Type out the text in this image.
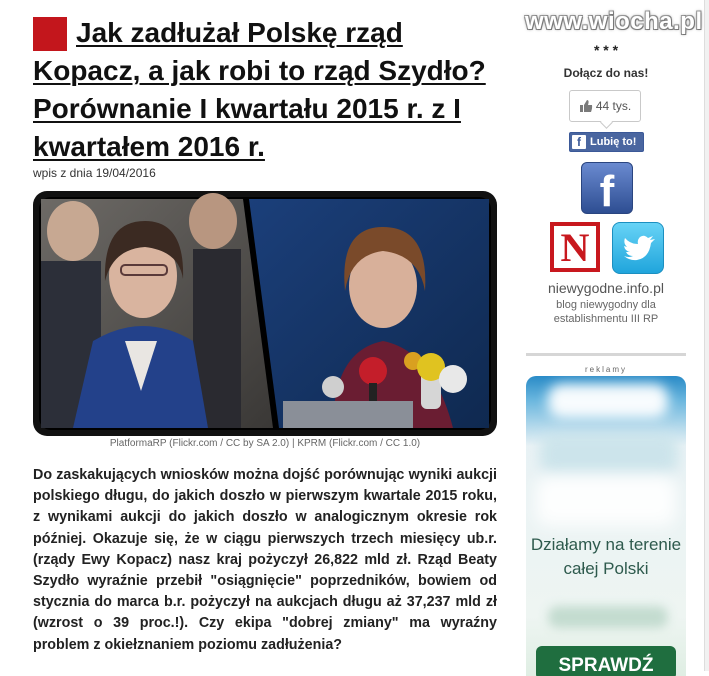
Jak zadłużał Polskę rząd Kopacz, a jak robi to rząd Szydło? Porównanie I kwartału 2015 r. z I kwartałem 2016 r.
wpis z dnia 19/04/2016
PlatformaRP (Flickr.com / CC by SA 2.0) | KPRM (Flickr.com / CC 1.0)

Do zaskakujących wniosków można dojść porównując wyniki aukcji polskiego długu, do jakich doszło w pierwszym kwartale 2015 roku, z wynikami aukcji do jakich doszło w analogicznym okresie rok później. Okazuje się, że w ciągu pierwszych trzech miesięcy ub.r. (rządy Ewy Kopacz) nasz kraj pożyczył 26,822 mld zł. Rząd Beaty Szydło wyraźnie przebił "osiągnięcie" poprzedników, bowiem od stycznia do marca b.r. pożyczył na aukcjach długu aż 37,237 mld zł (wzrost o 39 proc.!). Czy ekipa "dobrej zmiany" ma wyraźny problem z okiełznaniem poziomu zadłużenia?

www.wiocha.pl
* * *
Dołącz do nas!
44 tys.
f Lubię to!
f
N
niewygodne.info.pl
blog niewygodny dla establishmentu III RP
reklamy
Działamy na terenie całej Polski
SPRAWDŹ
